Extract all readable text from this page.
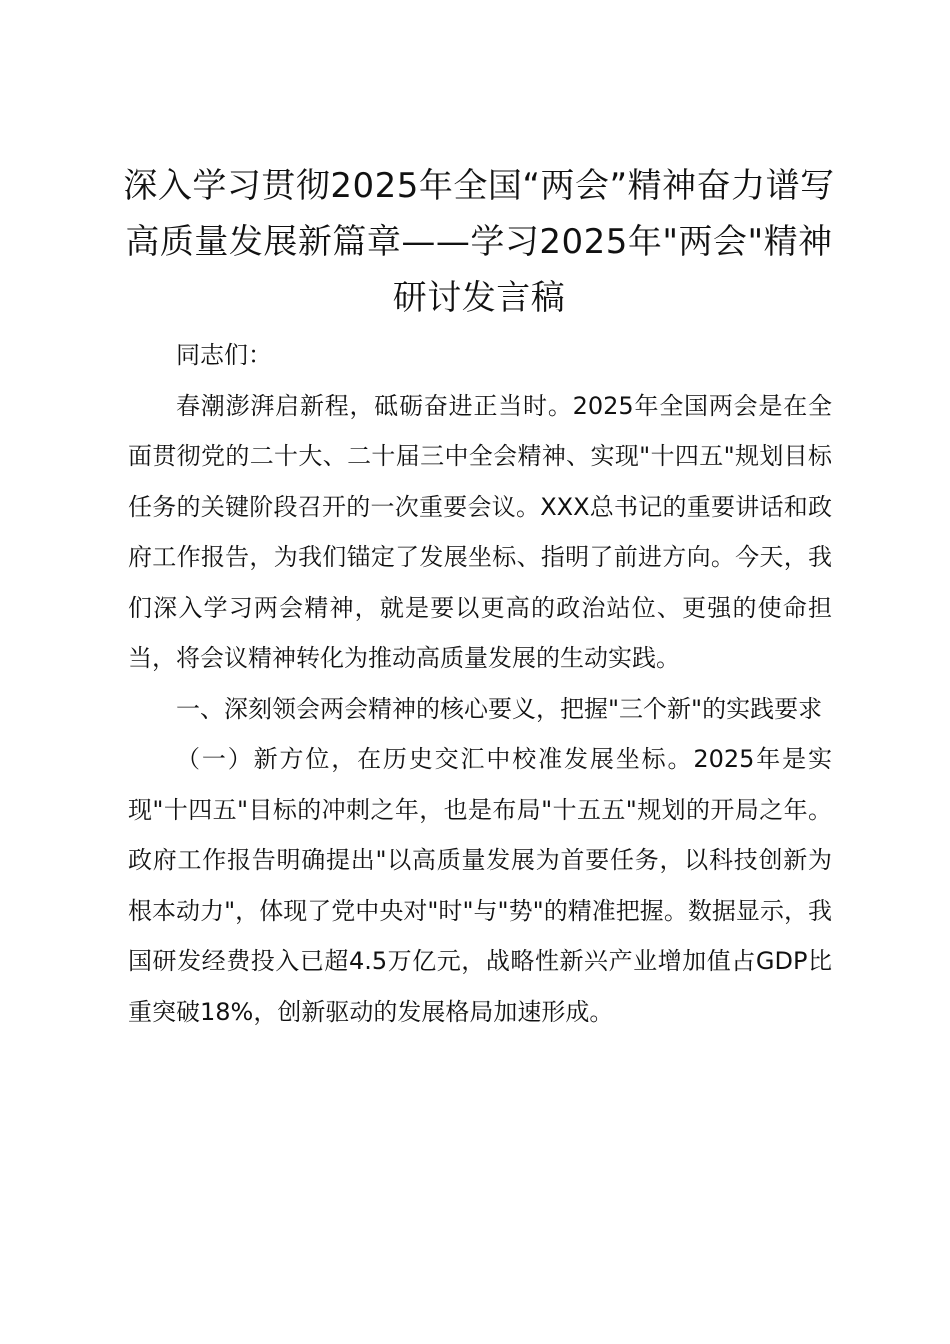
深入学习贯彻2025年全国“两会”精神奋力谱写高质量发展新篇章——学习2025年"两会"精神研讨发言稿

同志们：

春潮澎湃启新程，砥砺奋进正当时。2025年全国两会是在全面贯彻党的二十大、二十届三中全会精神、实现"十四五"规划目标任务的关键阶段召开的一次重要会议。XXX总书记的重要讲话和政府工作报告，为我们锚定了发展坐标、指明了前进方向。今天，我们深入学习两会精神，就是要以更高的政治站位、更强的使命担当，将会议精神转化为推动高质量发展的生动实践。

一、深刻领会两会精神的核心要义，把握"三个新"的实践要求

（一）新方位，在历史交汇中校准发展坐标。2025年是实现"十四五"目标的冲刺之年，也是布局"十五五"规划的开局之年。政府工作报告明确提出"以高质量发展为首要任务，以科技创新为根本动力"，体现了党中央对"时"与"势"的精准把握。数据显示，我国研发经费投入已超4.5万亿元，战略性新兴产业增加值占GDP比重突破18%，创新驱动的发展格局加速形成。
